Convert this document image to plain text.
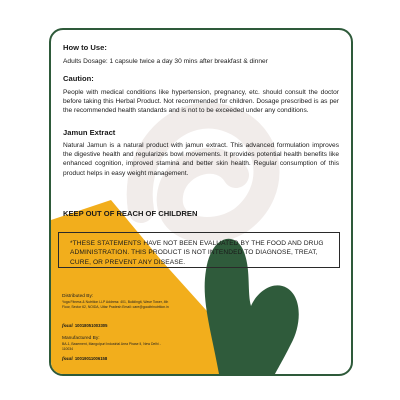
How to Use:
Adults Dosage: 1 capsule twice a day 30 mins after breakfast & dinner
Caution:
People with medical conditions like hypertension, pregnancy, etc. should consult the doctor before taking this Herbal Product. Not recommended for children. Dosage prescribed is as per the recommended health standards and is not to be exceeded under any conditions.
Jamun Extract
Natural Jamun is a natural product with jamun extract. This advanced formulation improves the digestive health and regularizes bowl movements. It provides potential health benefits like enhanced cognition, improved stamina and better skin health. Regular consumption of this product helps in easy weight management.
KEEP OUT OF REACH OF CHILDREN
*THESE STATEMENTS HAVE NOT BEEN EVALUATED BY THE FOOD AND DRUG ADMINISTRATION. THIS PRODUCT IS NOT INTENDED TO DIAGNOSE, TREAT, CURE, OR PREVENT ANY DISEASE.
Distributed By:
Yoga Fitness & Nutrition LLP Address: 401, Buildingit, Wave Tower, 4th Floor, Sector 62, NOIDA, Uttar Pradesh Email: care@goodtrinutrition.in
fssai 10018051003305
Manufactured By:
BA-1, Basement, Mangolpuri Industrial Area Phase II, New Delhi - 110034
fssai 10019011006158
